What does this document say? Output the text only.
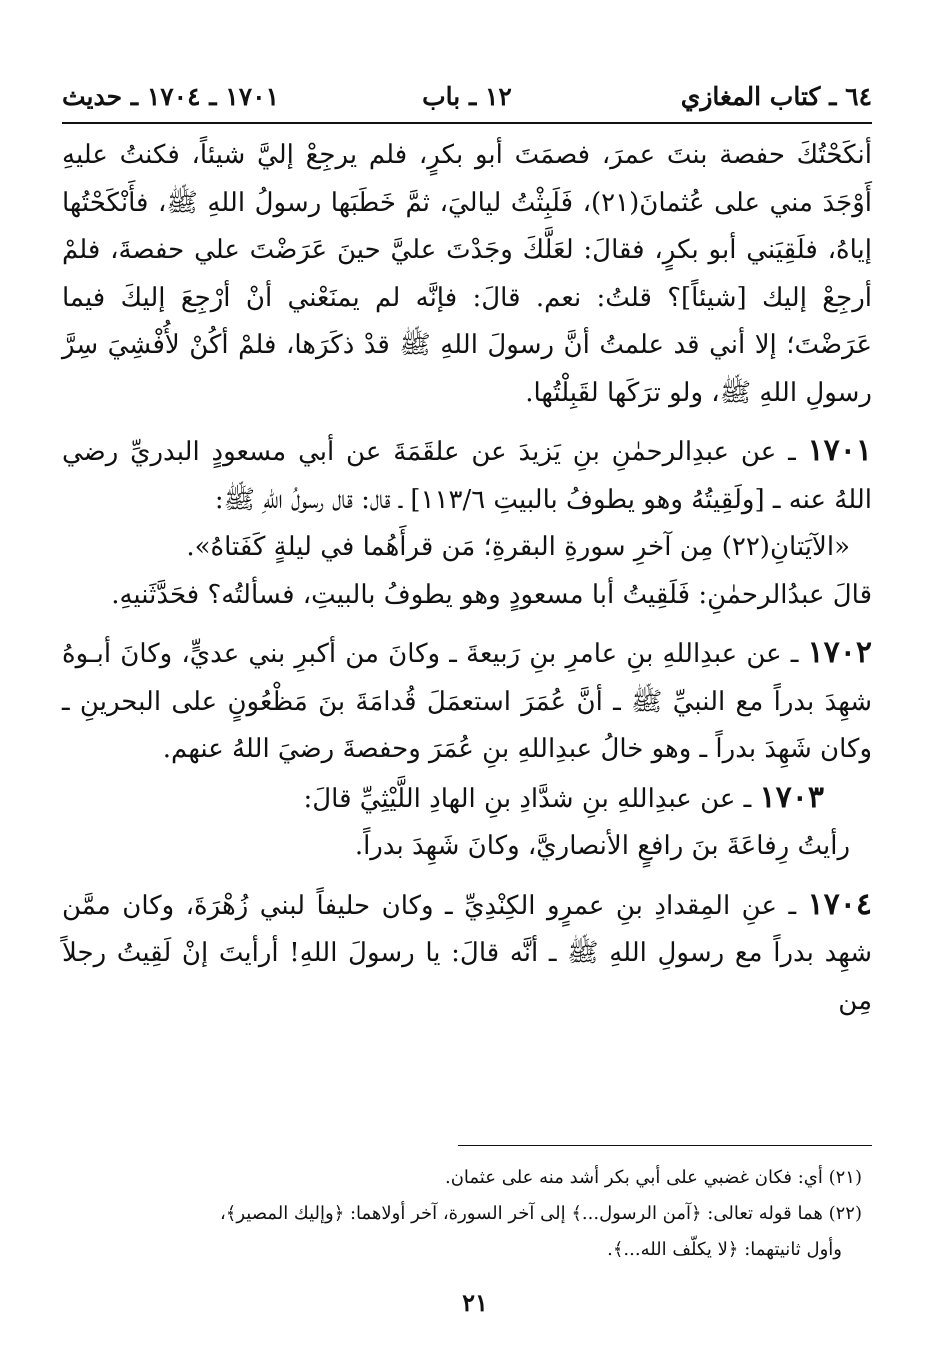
٦٤ ـ كتاب المغازي
١٢ ـ باب
١٧٠١ ـ ١٧٠٤ ـ حديث

أنكَحْتُكَ حفصة بنتَ عمرَ، فصمَتَ أبو بكرٍ، فلم يرجِعْ إليَّ شيئاً، فكنتُ عليهِ أَوْجَدَ مني على عُثمانَ(٢١)، فَلَبِثْتُ لياليَ، ثمَّ خَطَبَها رسولُ اللهِ ﷺ، فأَنْكَحْتُها إياهُ، فلَقِيَني أبو بكرٍ، فقالَ: لعَلَّكَ وجَدْتَ عليَّ حينَ عَرَضْتَ علي حفصةَ، فلمْ أرجِعْ إليك [شيئاً]؟ قلتُ: نعم. قالَ: فإنَّه لم يمنَعْني أنْ أرْجِعَ إليكَ فيما عَرَضْتَ؛ إلا أني قد علمتُ أنَّ رسولَ اللهِ ﷺ قدْ ذكَرَها، فلمْ أكُنْ لأُفْشِيَ سِرَّ رسولِ اللهِ ﷺ، ولو ترَكَها لقَبِلْتُها.

١٧٠١ ـ عن عبدِالرحمٰنِ بنِ يَزيدَ عن علقَمَةَ عن أبي مسعودٍ البدريِّ رضي اللهُ عنه ـ [ولَقِيتُهُ وهو يطوفُ بالبيتِ ١١٣/٦] ـ قال: قال رسولُ اللهِ ﷺ:

«الآيَتانِ(٢٢) مِن آخرِ سورةِ البقرةِ؛ مَن قرأَهُما في ليلةٍ كَفَتاهُ».

قالَ عبدُالرحمٰنِ: فَلَقِيتُ أبا مسعودٍ وهو يطوفُ بالبيتِ، فسألتُه؟ فحَدَّثَنيهِ.

١٧٠٢ ـ عن عبدِاللهِ بنِ عامرِ بنِ رَبيعةَ ـ وكانَ من أكبرِ بني عديٍّ، وكانَ أبـوهُ شهِدَ بدراً مع النبيِّ ﷺ ـ أنَّ عُمَرَ استعمَلَ قُدامَةَ بنَ مَظْعُونٍ على البحرينِ ـ وكان شَهِدَ بدراً ـ وهو خالُ عبدِاللهِ بنِ عُمَرَ وحفصةَ رضيَ اللهُ عنهم.

١٧٠٣ ـ عن عبدِاللهِ بنِ شدَّادِ بنِ الهادِ اللَّيْثِيِّ قالَ:

رأيتُ رِفاعَةَ بنَ رافعٍ الأنصاريَّ، وكانَ شَهِدَ بدراً.

١٧٠٤ ـ عنِ المِقدادِ بنِ عمرٍو الكِنْدِيِّ ـ وكان حليفاً لبني زُهْرَةَ، وكان ممَّن شهِد بدراً مع رسولِ اللهِ ﷺ ـ أنَّه قالَ: يا رسولَ اللهِ! أرأيتَ إنْ لَقِيتُ رجلاً مِن

(٢١) أي: فكان غضبي على أبي بكر أشد منه على عثمان.

(٢٢) هما قوله تعالى: ﴿آمن الرسول...﴾ إلى آخر السورة، آخر أولاهما: ﴿وإليك المصير﴾،

وأول ثانيتهما: ﴿لا يكلّف الله...﴾.

٢١
